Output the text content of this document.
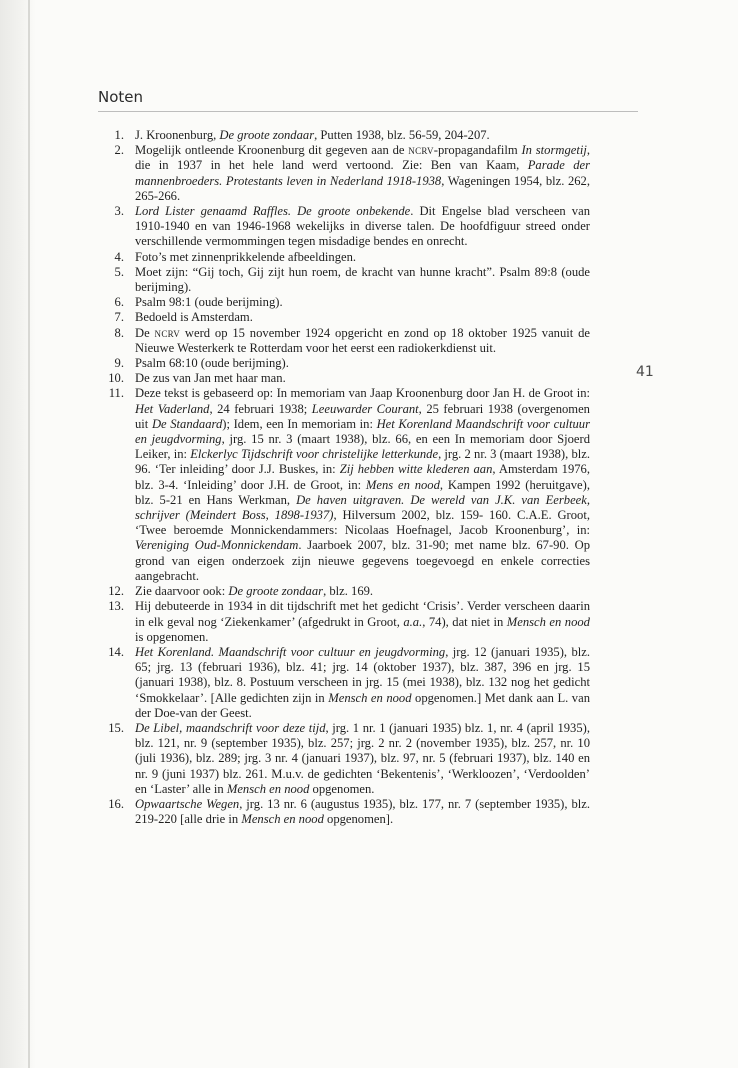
Noten
1. J. Kroonenburg, De groote zondaar, Putten 1938, blz. 56-59, 204-207.
2. Mogelijk ontleende Kroonenburg dit gegeven aan de ncrv-propagandafilm In stormgetij, die in 1937 in het hele land werd vertoond. Zie: Ben van Kaam, Parade der mannenbroeders. Protestants leven in Nederland 1918-1938, Wageningen 1954, blz. 262, 265-266.
3. Lord Lister genaamd Raffles. De groote onbekende. Dit Engelse blad verscheen van 1910-1940 en van 1946-1968 wekelijks in diverse talen. De hoofdfiguur streed onder verschillende vermommingen tegen misdadige bendes en onrecht.
4. Foto’s met zinnenprikkelende afbeeldingen.
5. Moet zijn: “Gij toch, Gij zijt hun roem, de kracht van hunne kracht”. Psalm 89:8 (oude berijming).
6. Psalm 98:1 (oude berijming).
7. Bedoeld is Amsterdam.
8. De ncrv werd op 15 november 1924 opgericht en zond op 18 oktober 1925 vanuit de Nieuwe Westerkerk te Rotterdam voor het eerst een radiokerkdienst uit.
9. Psalm 68:10 (oude berijming).
10. De zus van Jan met haar man.
11. Deze tekst is gebaseerd op: In memoriam van Jaap Kroonenburg door Jan H. de Groot in: Het Vaderland, 24 februari 1938; Leeuwarder Courant, 25 februari 1938 (overgenomen uit De Standaard); Idem, een In memoriam in: Het Korenland Maandschrift voor cultuur en jeugdvorming, jrg. 15 nr. 3 (maart 1938), blz. 66, en een In memoriam door Sjoerd Leiker, in: Elckerlyc Tijdschrift voor christelijke letterkunde, jrg. 2 nr. 3 (maart 1938), blz. 96. ‘Ter inleiding’ door J.J. Buskes, in: Zij hebben witte klederen aan, Amsterdam 1976, blz. 3-4. ‘Inleiding’ door J.H. de Groot, in: Mens en nood, Kampen 1992 (heruitgave), blz. 5-21 en Hans Werkman, De haven uitgraven. De wereld van J.K. van Eerbeek, schrijver (Meindert Boss, 1898-1937), Hilversum 2002, blz. 159- 160. C.A.E. Groot, ‘Twee beroemde Monnickendammers: Nicolaas Hoefnagel, Jacob Kroonenburg’, in: Vereniging Oud-Monnickendam. Jaarboek 2007, blz. 31-90; met name blz. 67-90. Op grond van eigen onderzoek zijn nieuwe gegevens toegevoegd en enkele correcties aangebracht.
12. Zie daarvoor ook: De groote zondaar, blz. 169.
13. Hij debuteerde in 1934 in dit tijdschrift met het gedicht ‘Crisis’. Verder verscheen daarin in elk geval nog ‘Ziekenkamer’ (afgedrukt in Groot, a.a., 74), dat niet in Mensch en nood is opgenomen.
14. Het Korenland. Maandschrift voor cultuur en jeugdvorming, jrg. 12 (januari 1935), blz. 65; jrg. 13 (februari 1936), blz. 41; jrg. 14 (oktober 1937), blz. 387, 396 en jrg. 15 (januari 1938), blz. 8. Postuum verscheen in jrg. 15 (mei 1938), blz. 132 nog het gedicht ‘Smokkelaar’. [Alle gedichten zijn in Mensch en nood opgenomen.] Met dank aan L. van der Doe-van der Geest.
15. De Libel, maandschrift voor deze tijd, jrg. 1 nr. 1 (januari 1935) blz. 1, nr. 4 (april 1935), blz. 121, nr. 9 (september 1935), blz. 257; jrg. 2 nr. 2 (november 1935), blz. 257, nr. 10 (juli 1936), blz. 289; jrg. 3 nr. 4 (januari 1937), blz. 97, nr. 5 (februari 1937), blz. 140 en nr. 9 (juni 1937) blz. 261. M.u.v. de gedichten ‘Bekentenis’, ‘Werkloozen’, ‘Verdoolden’ en ‘Laster’ alle in Mensch en nood opgenomen.
16. Opwaartsche Wegen, jrg. 13 nr. 6 (augustus 1935), blz. 177, nr. 7 (september 1935), blz. 219-220 [alle drie in Mensch en nood opgenomen].
41
